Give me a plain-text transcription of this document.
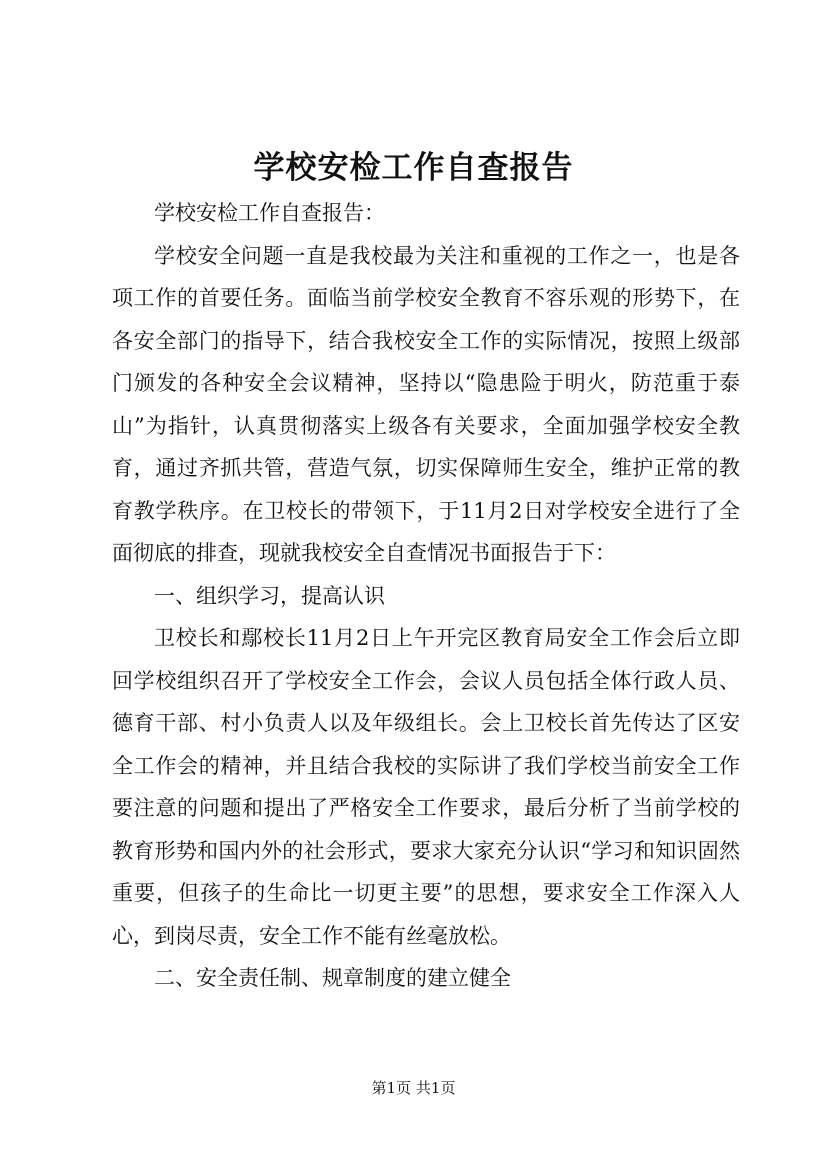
学校安检工作自查报告

学校安检工作自查报告：

学校安全问题一直是我校最为关注和重视的工作之一，也是各项工作的首要任务。面临当前学校安全教育不容乐观的形势下，在各安全部门的指导下，结合我校安全工作的实际情况，按照上级部门颁发的各种安全会议精神，坚持以“隐患险于明火，防范重于泰山”为指针，认真贯彻落实上级各有关要求，全面加强学校安全教育，通过齐抓共管，营造气氛，切实保障师生安全，维护正常的教育教学秩序。在卫校长的带领下，于11月2日对学校安全进行了全面彻底的排查，现就我校安全自查情况书面报告于下：

一、组织学习，提高认识

卫校长和鄢校长11月2日上午开完区教育局安全工作会后立即回学校组织召开了学校安全工作会，会议人员包括全体行政人员、德育干部、村小负责人以及年级组长。会上卫校长首先传达了区安全工作会的精神，并且结合我校的实际讲了我们学校当前安全工作要注意的问题和提出了严格安全工作要求，最后分析了当前学校的教育形势和国内外的社会形式，要求大家充分认识“学习和知识固然重要，但孩子的生命比一切更主要”的思想，要求安全工作深入人心，到岗尽责，安全工作不能有丝毫放松。

二、安全责任制、规章制度的建立健全

第1页 共1页
